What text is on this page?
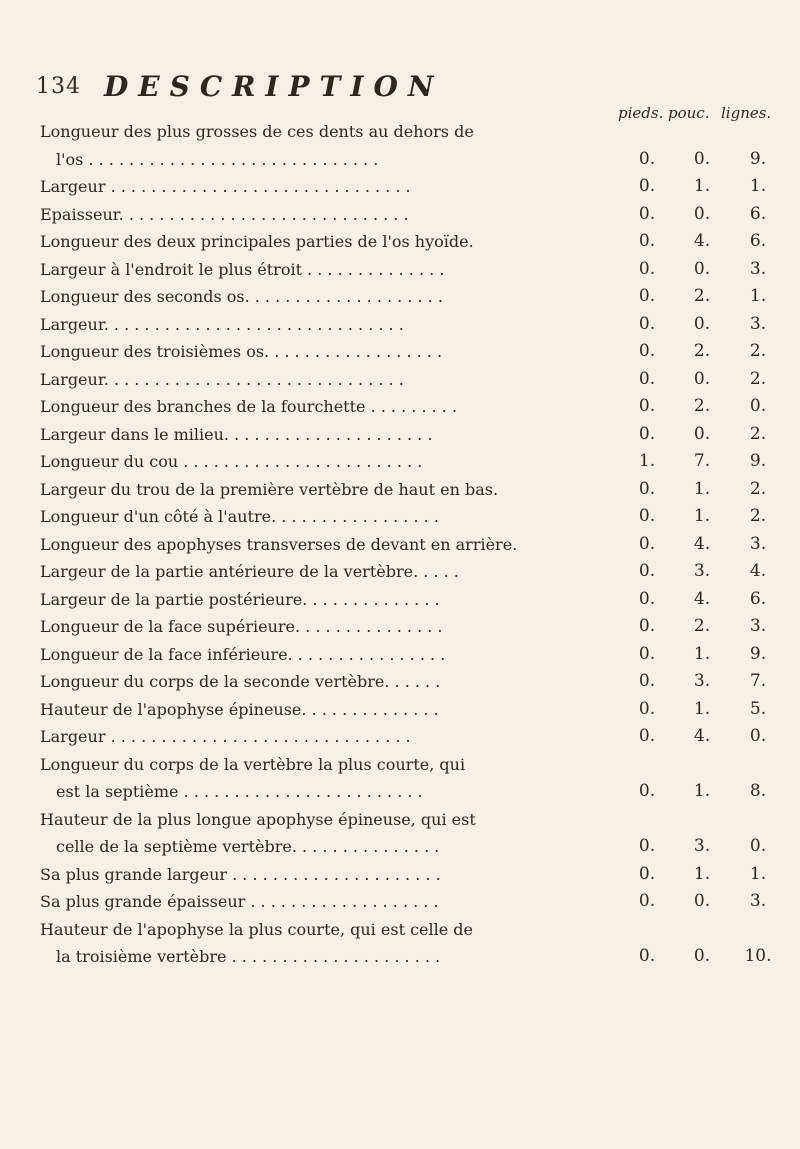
134 DESCRIPTION
pieds. pouc. lignes.
Longueur des plus grosses de ces dents au dehors de
l'os . . . . . . . . . . . . . . . . . . . . . . . . . . . . .	0.	0.	9.
Largeur . . . . . . . . . . . . . . . . . . . . . . . . . . . . . .	0.	1.	1.
Epaisseur. . . . . . . . . . . . . . . . . . . . . . . . . . . . .	0.	0.	6.
Longueur des deux principales parties de l'os hyoïde.	0.	4.	6.
Largeur à l'endroit le plus étroit . . . . . . . . . . . . . .	0.	0.	3.
Longueur des seconds os. . . . . . . . . . . . . . . . . . . .	0.	2.	1.
Largeur. . . . . . . . . . . . . . . . . . . . . . . . . . . . . .	0.	0.	3.
Longueur des troisièmes os. . . . . . . . . . . . . . . . . .	0.	2.	2.
Largeur. . . . . . . . . . . . . . . . . . . . . . . . . . . . . .	0.	0.	2.
Longueur des branches de la fourchette . . . . . . . . .	0.	2.	0.
Largeur dans le milieu. . . . . . . . . . . . . . . . . . . . .	0.	0.	2.
Longueur du cou . . . . . . . . . . . . . . . . . . . . . . . .	1.	7.	9.
Largeur du trou de la première vertèbre de haut en bas.	0.	1.	2.
Longueur d'un côté à l'autre. . . . . . . . . . . . . . . . .	0.	1.	2.
Longueur des apophyses transverses de devant en arrière.	0.	4.	3.
Largeur de la partie antérieure de la vertèbre. . . . .	0.	3.	4.
Largeur de la partie postérieure. . . . . . . . . . . . . .	0.	4.	6.
Longueur de la face supérieure. . . . . . . . . . . . . . .	0.	2.	3.
Longueur de la face inférieure. . . . . . . . . . . . . . . .	0.	1.	9.
Longueur du corps de la seconde vertèbre. . . . . .	0.	3.	7.
Hauteur de l'apophyse épineuse. . . . . . . . . . . . . .	0.	1.	5.
Largeur . . . . . . . . . . . . . . . . . . . . . . . . . . . . . .	0.	4.	0.
Longueur du corps de la vertèbre la plus courte, qui
est la septième . . . . . . . . . . . . . . . . . . . . . . . .	0.	1.	8.
Hauteur de la plus longue apophyse épineuse, qui est
celle de la septième vertèbre. . . . . . . . . . . . . . .	0.	3.	0.
Sa plus grande largeur . . . . . . . . . . . . . . . . . . . . .	0.	1.	1.
Sa plus grande épaisseur . . . . . . . . . . . . . . . . . . .	0.	0.	3.
Hauteur de l'apophyse la plus courte, qui est celle de
la troisième vertèbre . . . . . . . . . . . . . . . . . . . . .	0.	0.	10.
